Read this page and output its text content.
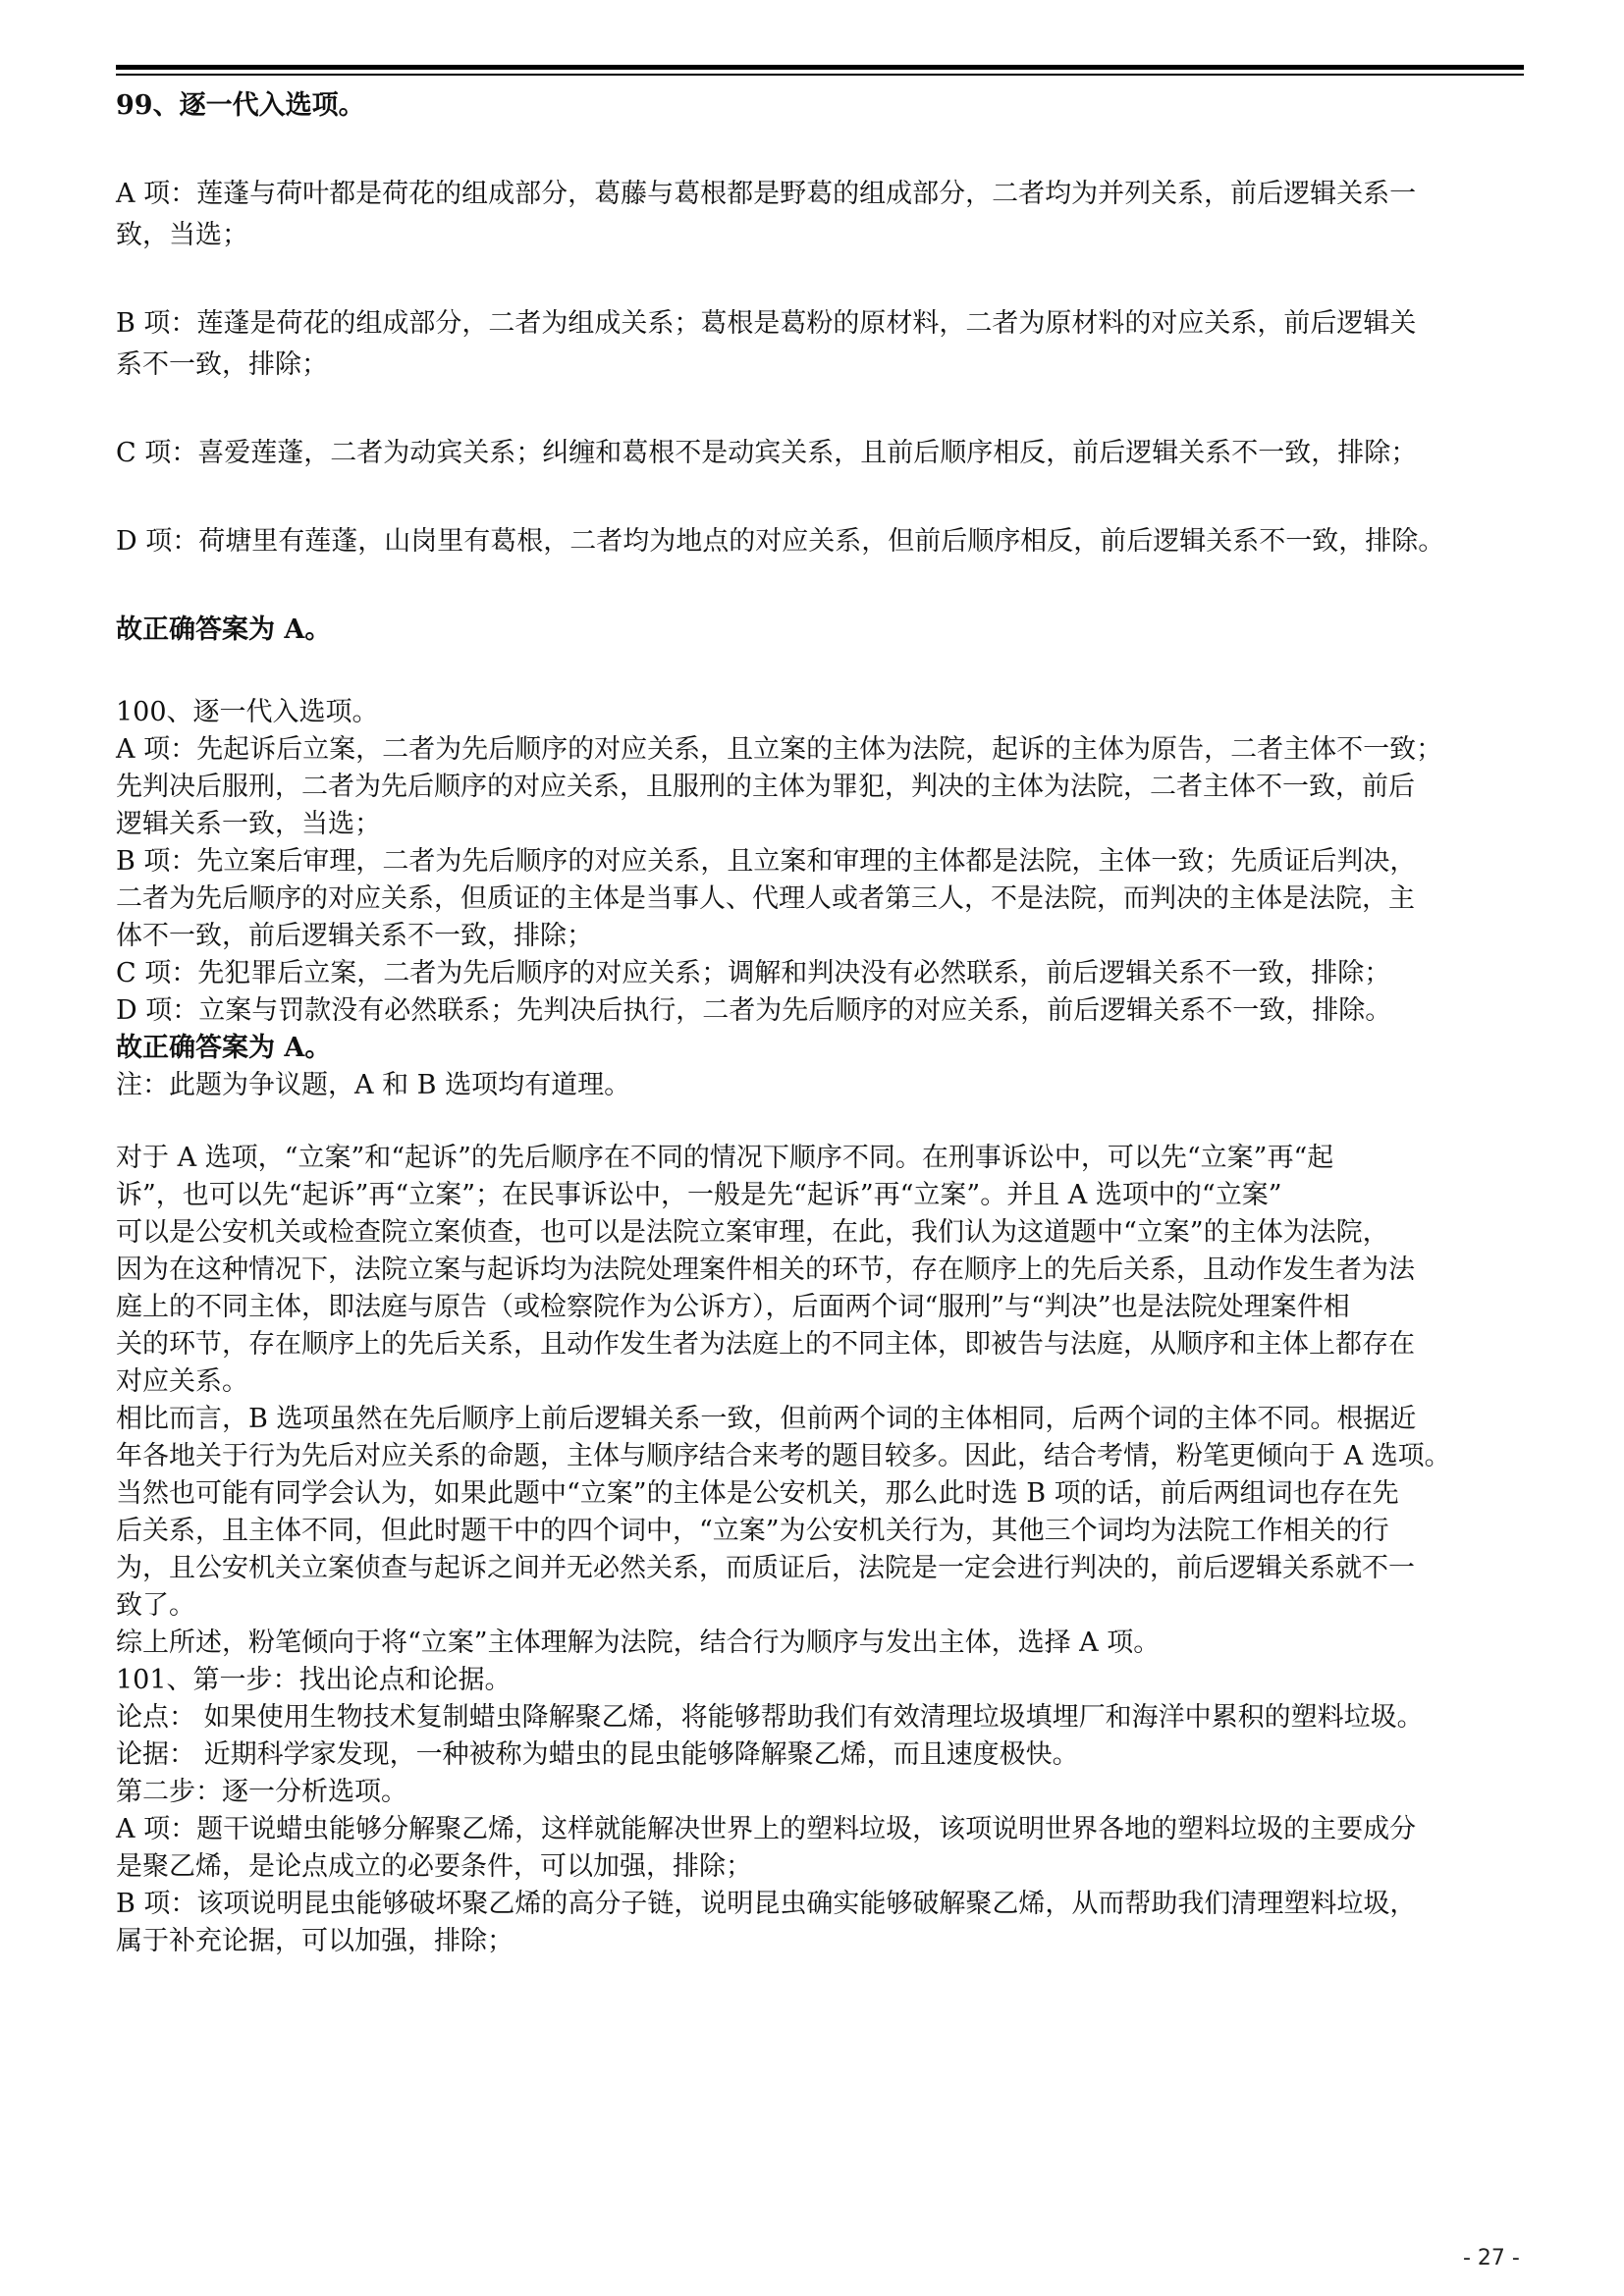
99、逐一代入选项。
A 项：莲蓬与荷叶都是荷花的组成部分，葛藤与葛根都是野葛的组成部分，二者均为并列关系，前后逻辑关系一
致，当选；
B 项：莲蓬是荷花的组成部分，二者为组成关系；葛根是葛粉的原材料，二者为原材料的对应关系，前后逻辑关
系不一致，排除；
C 项：喜爱莲蓬，二者为动宾关系；纠缠和葛根不是动宾关系，且前后顺序相反，前后逻辑关系不一致，排除；
D 项：荷塘里有莲蓬，山岗里有葛根，二者均为地点的对应关系，但前后顺序相反，前后逻辑关系不一致，排除。
故正确答案为 A。
100、逐一代入选项。
A 项：先起诉后立案，二者为先后顺序的对应关系，且立案的主体为法院，起诉的主体为原告，二者主体不一致；
先判决后服刑，二者为先后顺序的对应关系，且服刑的主体为罪犯，判决的主体为法院，二者主体不一致，前后
逻辑关系一致，当选；
B 项：先立案后审理，二者为先后顺序的对应关系，且立案和审理的主体都是法院，主体一致；先质证后判决，
二者为先后顺序的对应关系，但质证的主体是当事人、代理人或者第三人，不是法院，而判决的主体是法院，主
体不一致，前后逻辑关系不一致，排除；
C 项：先犯罪后立案，二者为先后顺序的对应关系；调解和判决没有必然联系，前后逻辑关系不一致，排除；
D 项：立案与罚款没有必然联系；先判决后执行，二者为先后顺序的对应关系，前后逻辑关系不一致，排除。
故正确答案为 A。
注：此题为争议题，A 和 B 选项均有道理。
对于 A 选项，“立案”和“起诉”的先后顺序在不同的情况下顺序不同。在刑事诉讼中，可以先“立案”再“起
诉”，也可以先“起诉”再“立案”；在民事诉讼中，一般是先“起诉”再“立案”。并且 A 选项中的“立案”
可以是公安机关或检查院立案侦查，也可以是法院立案审理，在此，我们认为这道题中“立案”的主体为法院，
因为在这种情况下，法院立案与起诉均为法院处理案件相关的环节，存在顺序上的先后关系，且动作发生者为法
庭上的不同主体，即法庭与原告（或检察院作为公诉方），后面两个词“服刑”与“判决”也是法院处理案件相
关的环节，存在顺序上的先后关系，且动作发生者为法庭上的不同主体，即被告与法庭，从顺序和主体上都存在
对应关系。
相比而言，B 选项虽然在先后顺序上前后逻辑关系一致，但前两个词的主体相同，后两个词的主体不同。根据近
年各地关于行为先后对应关系的命题，主体与顺序结合来考的题目较多。因此，结合考情，粉笔更倾向于 A 选项。
当然也可能有同学会认为，如果此题中“立案”的主体是公安机关，那么此时选 B 项的话，前后两组词也存在先
后关系，且主体不同，但此时题干中的四个词中，“立案”为公安机关行为，其他三个词均为法院工作相关的行
为，且公安机关立案侦查与起诉之间并无必然关系，而质证后，法院是一定会进行判决的，前后逻辑关系就不一
致了。
综上所述，粉笔倾向于将“立案”主体理解为法院，结合行为顺序与发出主体，选择 A 项。
101、第一步：找出论点和论据。
论点： 如果使用生物技术复制蜡虫降解聚乙烯，将能够帮助我们有效清理垃圾填埋厂和海洋中累积的塑料垃圾。
论据： 近期科学家发现，一种被称为蜡虫的昆虫能够降解聚乙烯，而且速度极快。
第二步：逐一分析选项。
A 项：题干说蜡虫能够分解聚乙烯，这样就能解决世界上的塑料垃圾，该项说明世界各地的塑料垃圾的主要成分
是聚乙烯，是论点成立的必要条件，可以加强，排除；
B 项：该项说明昆虫能够破坏聚乙烯的高分子链，说明昆虫确实能够破解聚乙烯，从而帮助我们清理塑料垃圾，
属于补充论据，可以加强，排除；
- 27 -
